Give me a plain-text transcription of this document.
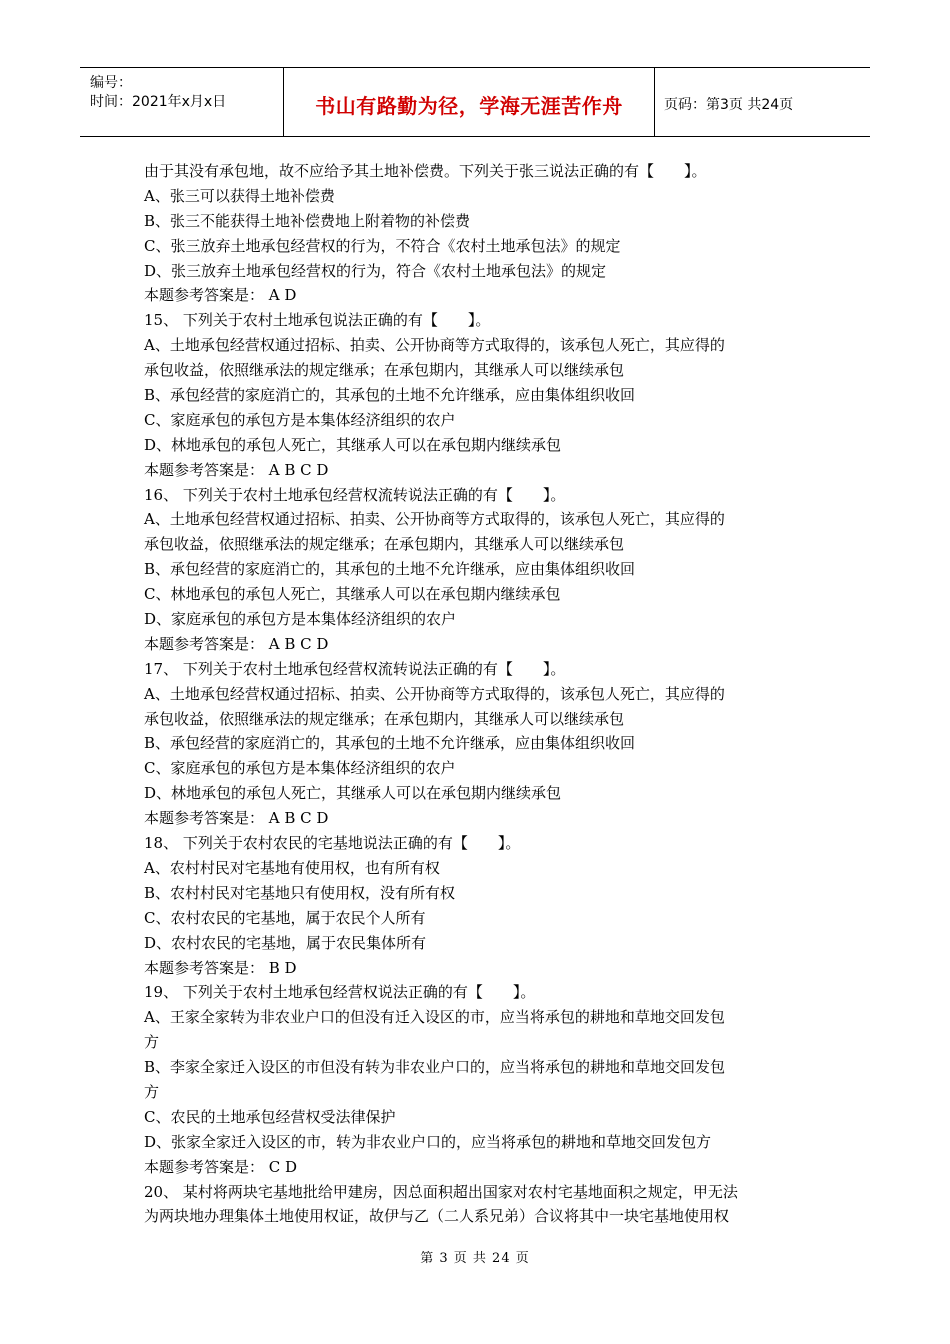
编号：
时间：2021年x月x日	书山有路勤为径，学海无涯苦作舟	页码：第3页 共24页
由于其没有承包地，故不应给予其土地补偿费。下列关于张三说法正确的有【　　】。
A、张三可以获得土地补偿费
B、张三不能获得土地补偿费地上附着物的补偿费
C、张三放弃土地承包经营权的行为，不符合《农村土地承包法》的规定
D、张三放弃土地承包经营权的行为，符合《农村土地承包法》的规定
本题参考答案是： A D
15、 下列关于农村土地承包说法正确的有【　　】。
A、土地承包经营权通过招标、拍卖、公开协商等方式取得的，该承包人死亡，其应得的
承包收益，依照继承法的规定继承；在承包期内，其继承人可以继续承包
B、承包经营的家庭消亡的，其承包的土地不允许继承，应由集体组织收回
C、家庭承包的承包方是本集体经济组织的农户
D、林地承包的承包人死亡，其继承人可以在承包期内继续承包
本题参考答案是： A B C D
16、 下列关于农村土地承包经营权流转说法正确的有【　　】。
A、土地承包经营权通过招标、拍卖、公开协商等方式取得的，该承包人死亡，其应得的
承包收益，依照继承法的规定继承；在承包期内，其继承人可以继续承包
B、承包经营的家庭消亡的，其承包的土地不允许继承，应由集体组织收回
C、林地承包的承包人死亡，其继承人可以在承包期内继续承包
D、家庭承包的承包方是本集体经济组织的农户
本题参考答案是： A B C D
17、 下列关于农村土地承包经营权流转说法正确的有【　　】。
A、土地承包经营权通过招标、拍卖、公开协商等方式取得的，该承包人死亡，其应得的
承包收益，依照继承法的规定继承；在承包期内，其继承人可以继续承包
B、承包经营的家庭消亡的，其承包的土地不允许继承，应由集体组织收回
C、家庭承包的承包方是本集体经济组织的农户
D、林地承包的承包人死亡，其继承人可以在承包期内继续承包
本题参考答案是： A B C D
18、 下列关于农村农民的宅基地说法正确的有【　　】。
A、农村村民对宅基地有使用权，也有所有权
B、农村村民对宅基地只有使用权，没有所有权
C、农村农民的宅基地，属于农民个人所有
D、农村农民的宅基地，属于农民集体所有
本题参考答案是： B D
19、 下列关于农村土地承包经营权说法正确的有【　　】。
A、王家全家转为非农业户口的但没有迁入设区的市，应当将承包的耕地和草地交回发包
方
B、李家全家迁入设区的市但没有转为非农业户口的，应当将承包的耕地和草地交回发包
方
C、农民的土地承包经营权受法律保护
D、张家全家迁入设区的市，转为非农业户口的，应当将承包的耕地和草地交回发包方
本题参考答案是： C D
20、 某村将两块宅基地批给甲建房，因总面积超出国家对农村宅基地面积之规定，甲无法
为两块地办理集体土地使用权证，故伊与乙（二人系兄弟）合议将其中一块宅基地使用权
第 3 页 共 24 页
